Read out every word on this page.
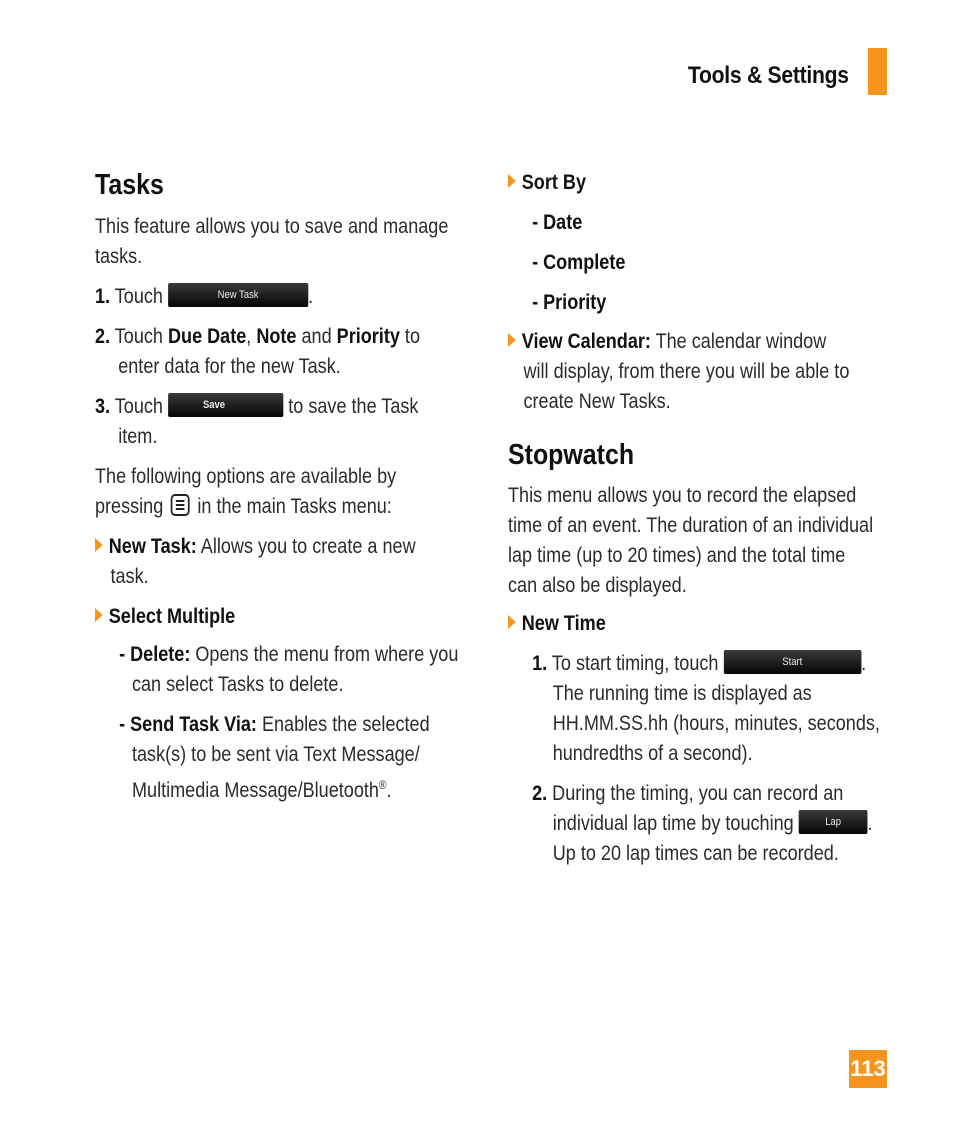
Tools & Settings
Tasks

This feature allows you to save and manage
tasks.

1. Touch	New Task .

2. Touch Due Date, Note and Priority to
enter data for the new Task.

3. Touch	Save	to save the Task
item.

The following options are available by
pressing in the main Tasks menu:

New Task: Allows you to create a new
task.

Select Multiple

- Delete: Opens the menu from where you
can select Tasks to delete.

- Send Task Via: Enables the selected
task(s) to be sent via Text Message/
Multimedia Message/Bluetooth®.

Sort By

- Date

- Complete

- Priority

View Calendar: The calendar window
will display, from there you will be able to
create New Tasks.

Stopwatch

This menu allows you to record the elapsed
time of an event. The duration of an individual
lap time (up to 20 times) and the total time
can also be displayed.

New Time

1. To start timing, touch	Start	.
The running time is displayed as
HH.MM.SS.hh (hours, minutes, seconds,
hundredths of a second).

2. During the timing, you can record an
individual lap time by touching	Lap .
Up to 20 lap times can be recorded.

113
